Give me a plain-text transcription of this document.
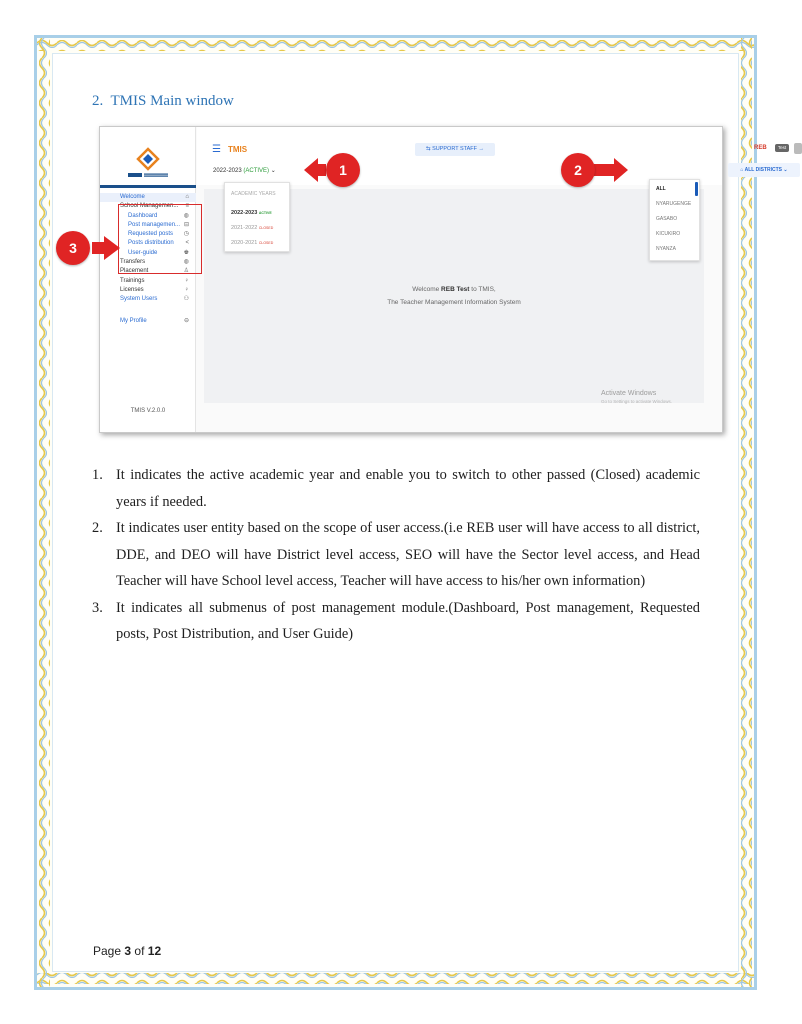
2. TMIS Main window
Welcome	⌂
School Managemen... ≡
Dashboard	◍
Post managemen... ⊟
Requested posts ◷
Posts distribution <
User-guide	♚
Transfers	◍
Placement	♙
Trainings	♀
Licenses	♀
System Users	⚇
My Profile	⊖
TMIS V.2.0.0
☰ TMIS
2022-2023 (ACTIVE) ⌄
⇆ SUPPORT STAFF →	REB	Test
⌂ ALL DISTRICTS ⌄
Welcome REB Test to TMIS,
The Teacher Management Information System
Activate Windows
Go to Settings to activate Windows.
ACADEMIC YEARS
2022-2023 ACTIVE
2021-2022 CLOSED
2020-2021 CLOSED
ALL
NYARUGENGE
GASABO
KICUKIRO
NYANZA
1	2
3
1. It indicates the active academic year and enable you to switch to other passed (Closed) academic years if needed.
2. It indicates user entity based on the scope of user access.(i.e REB user will have access to all district, DDE, and DEO will have District level access, SEO will have the Sector level access, and Head Teacher will have School level access, Teacher will have access to his/her own information)
3. It indicates all submenus of post management module.(Dashboard, Post management, Requested posts, Post Distribution, and User Guide)
Page 3 of 12
